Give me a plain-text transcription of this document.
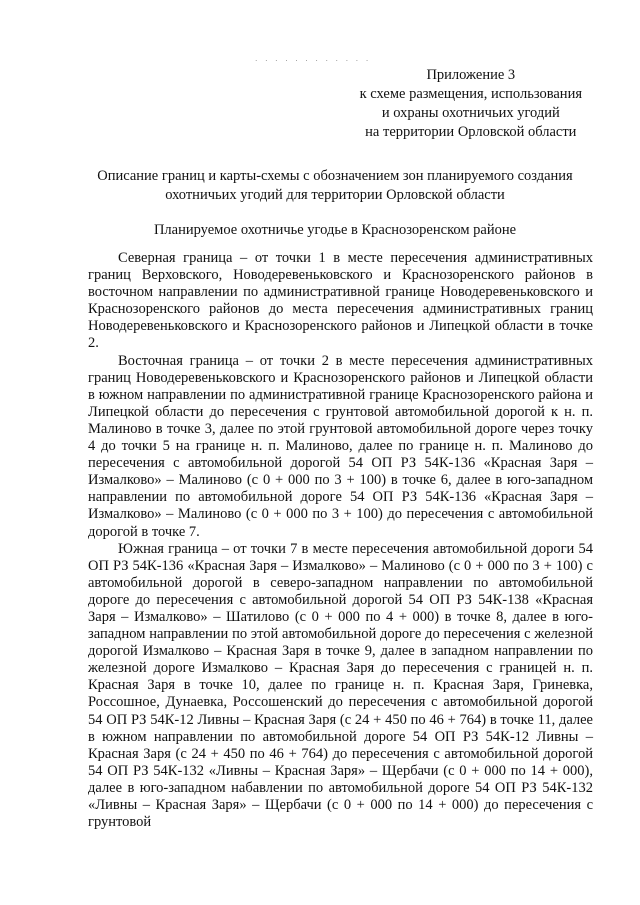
· · · · · · · · · · · ·
Приложение 3
к схеме размещения, использования
и охраны охотничьих угодий
на территории Орловской области
Описание границ и карты-схемы с обозначением зон планируемого создания охотничьих угодий для территории Орловской области
Планируемое охотничье угодье в Краснозоренском районе

Северная граница – от точки 1 в месте пересечения административных границ Верховского, Новодеревеньковского и Краснозоренского районов в восточном направлении по административной границе Новодеревеньковского и Краснозоренского районов до места пересечения административных границ Новодеревеньковского и Краснозоренского районов и Липецкой области в точке 2.

Восточная граница – от точки 2 в месте пересечения административных границ Новодеревеньковского и Краснозоренского районов и Липецкой области в южном направлении по административной границе Краснозоренского района и Липецкой области до пересечения с грунтовой автомобильной дорогой к н. п. Малиново в точке 3, далее по этой грунтовой автомобильной дороге через точку 4 до точки 5 на границе н. п. Малиново, далее по границе н. п. Малиново до пересечения с автомобильной дорогой 54 ОП РЗ 54К-136 «Красная Заря – Измалково» – Малиново (с 0 + 000 по 3 + 100) в точке 6, далее в юго-западном направлении по автомобильной дороге 54 ОП РЗ 54К-136 «Красная Заря – Измалково» – Малиново (с 0 + 000 по 3 + 100) до пересечения с автомобильной дорогой в точке 7.

Южная граница – от точки 7 в месте пересечения автомобильной дороги 54 ОП РЗ 54К-136 «Красная Заря – Измалково» – Малиново (с 0 + 000 по 3 + 100) с автомобильной дорогой в северо-западном направлении по автомобильной дороге до пересечения с автомобильной дорогой 54 ОП РЗ 54К-138 «Красная Заря – Измалково» – Шатилово (с 0 + 000 по 4 + 000) в точке 8, далее в юго-западном направлении по этой автомобильной дороге до пересечения с железной дорогой Измалково – Красная Заря в точке 9, далее в западном направлении по железной дороге Измалково – Красная Заря до пересечения с границей н. п. Красная Заря в точке 10, далее по границе н. п. Красная Заря, Гриневка, Россошное, Дунаевка, Россошенский до пересечения с автомобильной дорогой 54 ОП РЗ 54К-12 Ливны – Красная Заря (с 24 + 450 по 46 + 764) в точке 11, далее в южном направлении по автомобильной дороге 54 ОП РЗ 54К-12 Ливны – Красная Заря (с 24 + 450 по 46 + 764) до пересечения с автомобильной дорогой 54 ОП РЗ 54К-132 «Ливны – Красная Заря» – Щербачи (с 0 + 000 по 14 + 000), далее в юго-западном набавлении по автомобильной дороге 54 ОП РЗ 54К-132 «Ливны – Красная Заря» – Щербачи (с 0 + 000 по 14 + 000) до пересечения с грунтовой
